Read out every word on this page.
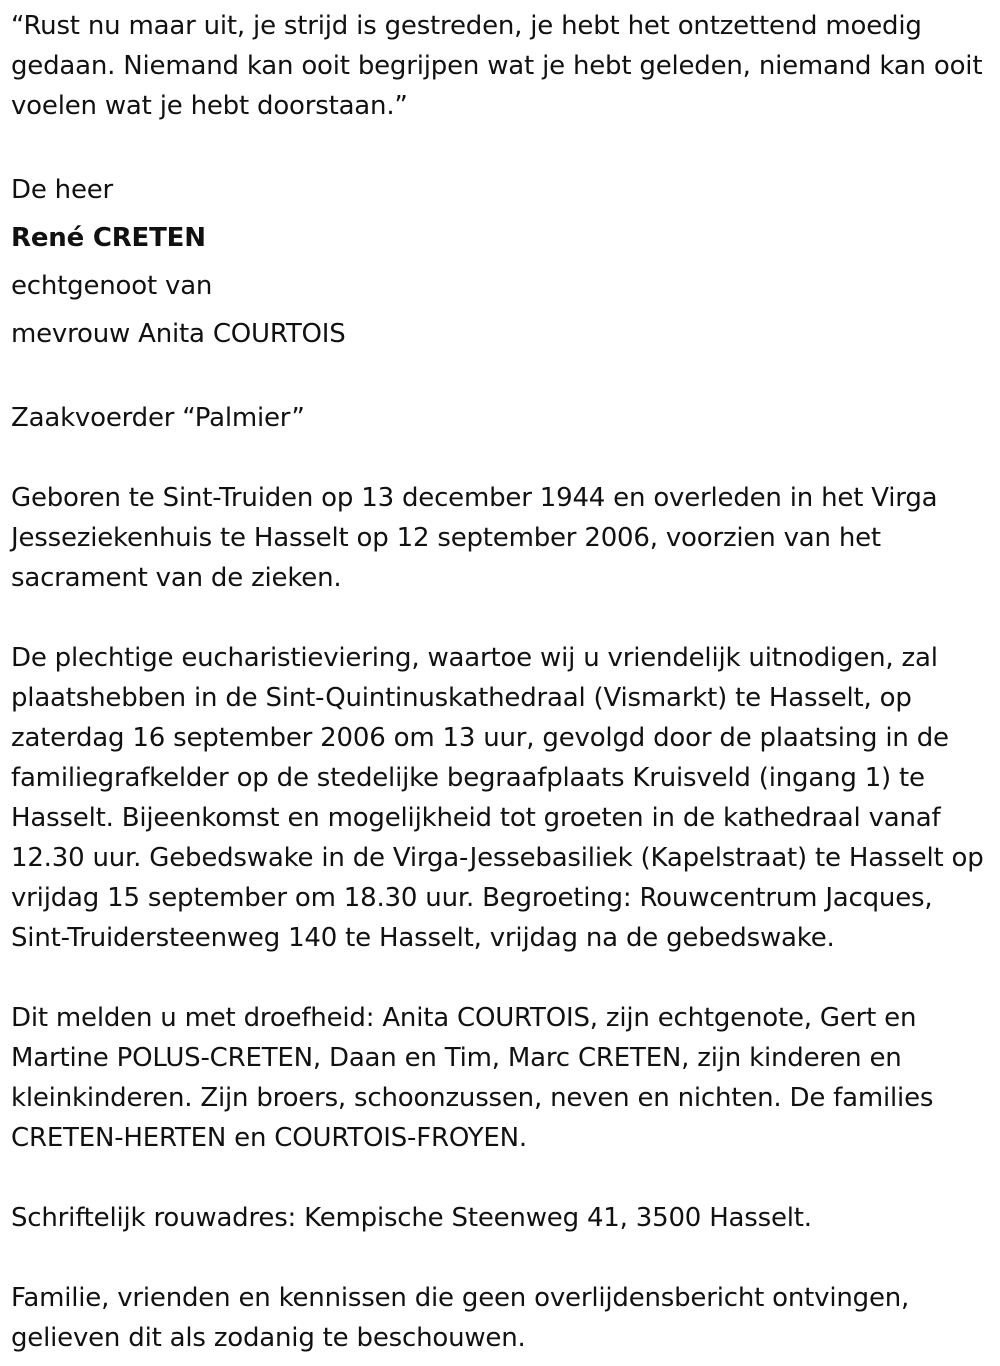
“Rust nu maar uit, je strijd is gestreden, je hebt het ontzettend moedig gedaan. Niemand kan ooit begrijpen wat je hebt geleden, niemand kan ooit voelen wat je hebt doorstaan.”

De heer

René CRETEN

echtgenoot van

mevrouw Anita COURTOIS

Zaakvoerder “Palmier”

Geboren te Sint-Truiden op 13 december 1944 en overleden in het Virga Jesseziekenhuis te Hasselt op 12 september 2006, voorzien van het sacrament van de zieken.

De plechtige eucharistieviering, waartoe wij u vriendelijk uitnodigen, zal plaatshebben in de Sint-Quintinuskathedraal (Vismarkt) te Hasselt, op zaterdag 16 september 2006 om 13 uur, gevolgd door de plaatsing in de familiegrafkelder op de stedelijke begraafplaats Kruisveld (ingang 1) te Hasselt. Bijeenkomst en mogelijkheid tot groeten in de kathedraal vanaf 12.30 uur. Gebedswake in de Virga-Jessebasiliek (Kapelstraat) te Hasselt op vrijdag 15 september om 18.30 uur. Begroeting: Rouwcentrum Jacques, Sint-Truidersteenweg 140 te Hasselt, vrijdag na de gebedswake.

Dit melden u met droefheid: Anita COURTOIS, zijn echtgenote, Gert en Martine POLUS-CRETEN, Daan en Tim, Marc CRETEN, zijn kinderen en kleinkinderen. Zijn broers, schoonzussen, neven en nichten. De families CRETEN-HERTEN en COURTOIS-FROYEN.

Schriftelijk rouwadres: Kempische Steenweg 41, 3500 Hasselt.

Familie, vrienden en kennissen die geen overlijdensbericht ontvingen, gelieven dit als zodanig te beschouwen.
